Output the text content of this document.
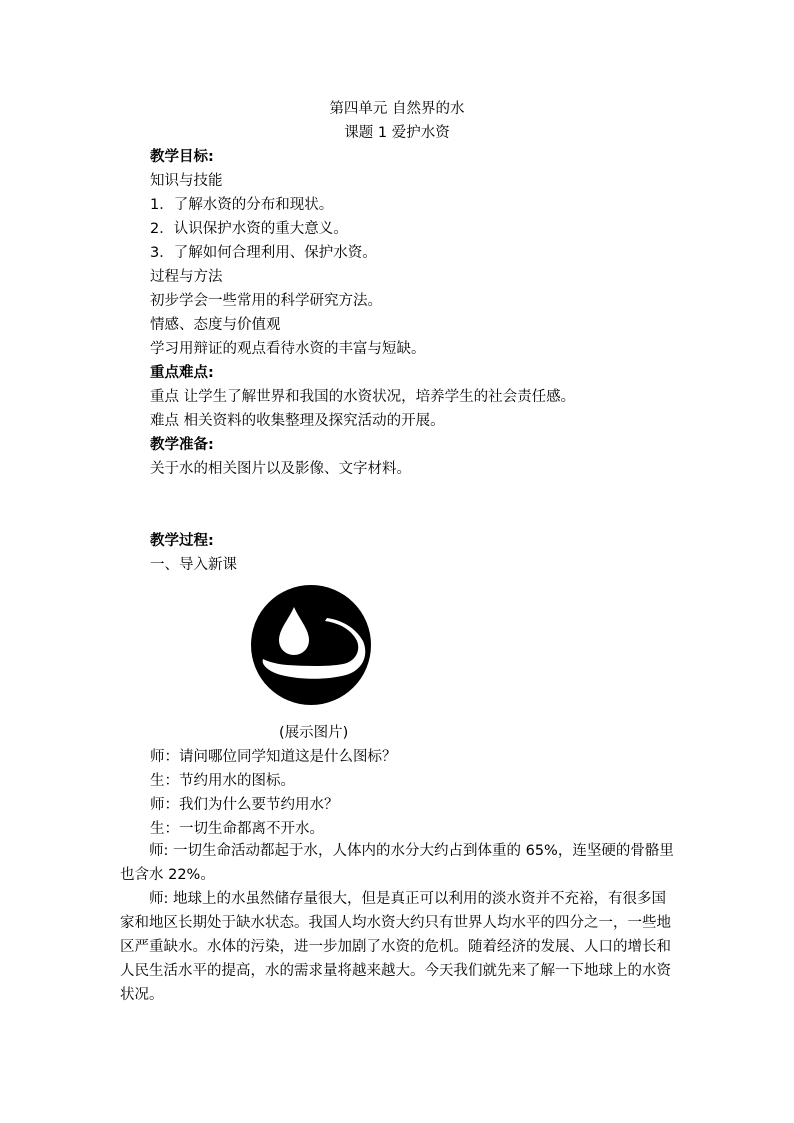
第四单元 自然界的水
课题 1 爱护水资
教学目标:
知识与技能
1．了解水资的分布和现状。
2．认识保护水资的重大意义。
3．了解如何合理利用、保护水资。
过程与方法
初步学会一些常用的科学研究方法。
情感、态度与价值观
学习用辩证的观点看待水资的丰富与短缺。
重点难点:
重点 让学生了解世界和我国的水资状况，培养学生的社会责任感。
难点 相关资料的收集整理及探究活动的开展。
教学准备:
关于水的相关图片以及影像、文字材料。
教学过程:
一、导入新课
(展示图片)
师：请问哪位同学知道这是什么图标？
生：节约用水的图标。
师：我们为什么要节约用水？
生：一切生命都离不开水。

师: 一切生命活动都起于水，人体内的水分大约占到体重的 65%，连坚硬的骨骼里也含水 22%。

师: 地球上的水虽然储存量很大，但是真正可以利用的淡水资并不充裕，有很多国家和地区长期处于缺水状态。我国人均水资大约只有世界人均水平的四分之一，一些地区严重缺水。水体的污染，进一步加剧了水资的危机。随着经济的发展、人口的增长和人民生活水平的提高，水的需求量将越来越大。今天我们就先来了解一下地球上的水资状况。
